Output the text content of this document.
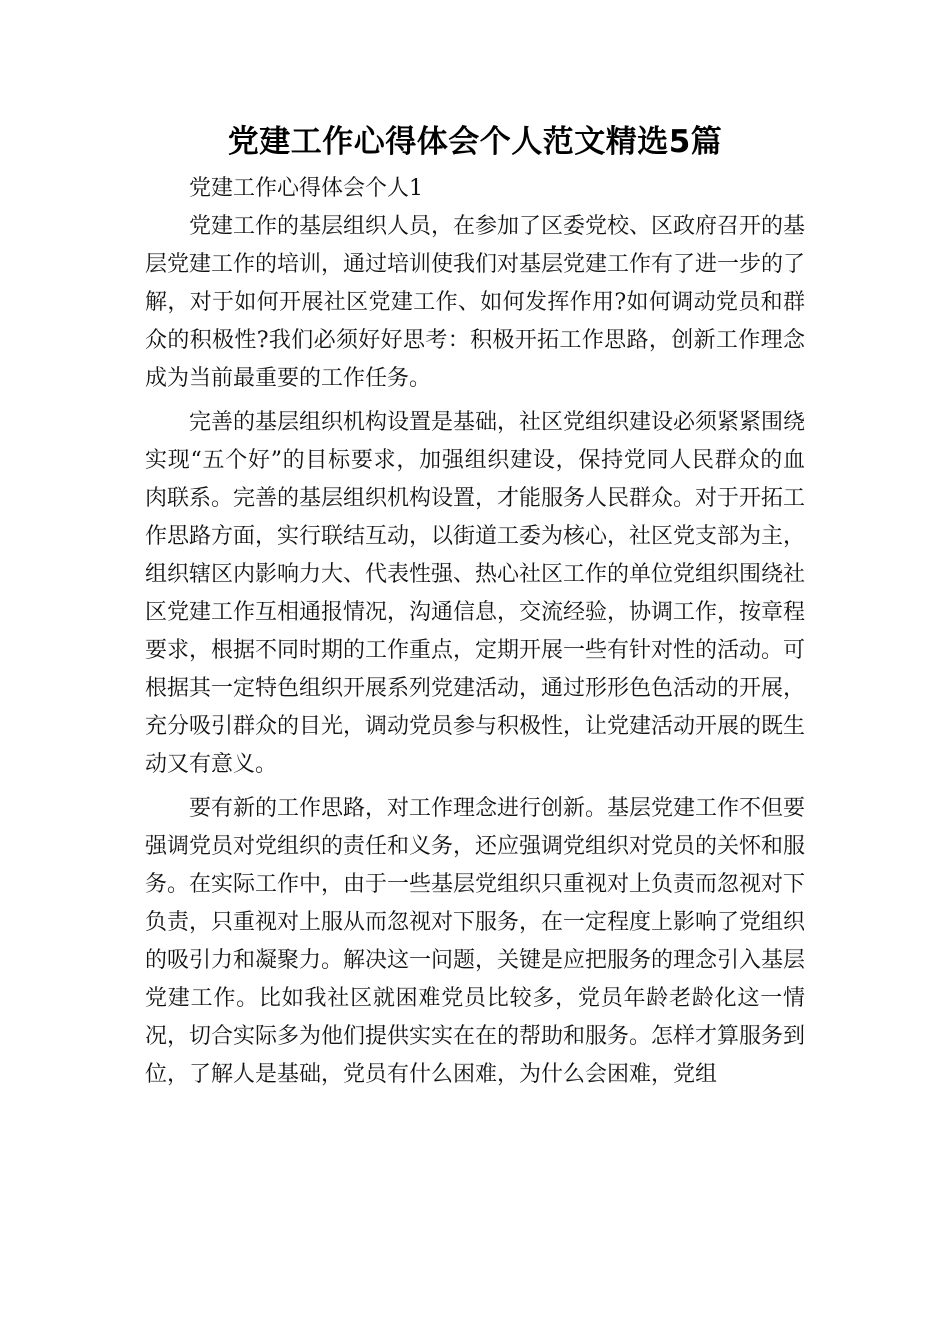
党建工作心得体会个人范文精选5篇

党建工作心得体会个人1

党建工作的基层组织人员，在参加了区委党校、区政府召开的基层党建工作的培训，通过培训使我们对基层党建工作有了进一步的了解，对于如何开展社区党建工作、如何发挥作用?如何调动党员和群众的积极性?我们必须好好思考：积极开拓工作思路，创新工作理念成为当前最重要的工作任务。

完善的基层组织机构设置是基础，社区党组织建设必须紧紧围绕实现“五个好”的目标要求，加强组织建设，保持党同人民群众的血肉联系。完善的基层组织机构设置，才能服务人民群众。对于开拓工作思路方面，实行联结互动，以街道工委为核心，社区党支部为主，组织辖区内影响力大、代表性强、热心社区工作的单位党组织围绕社区党建工作互相通报情况，沟通信息，交流经验，协调工作，按章程要求，根据不同时期的工作重点，定期开展一些有针对性的活动。可根据其一定特色组织开展系列党建活动，通过形形色色活动的开展，充分吸引群众的目光，调动党员参与积极性，让党建活动开展的既生动又有意义。

要有新的工作思路，对工作理念进行创新。基层党建工作不但要强调党员对党组织的责任和义务，还应强调党组织对党员的关怀和服务。在实际工作中，由于一些基层党组织只重视对上负责而忽视对下负责，只重视对上服从而忽视对下服务，在一定程度上影响了党组织的吸引力和凝聚力。解决这一问题，关键是应把服务的理念引入基层党建工作。比如我社区就困难党员比较多，党员年龄老龄化这一情况，切合实际多为他们提供实实在在的帮助和服务。怎样才算服务到位，了解人是基础，党员有什么困难，为什么会困难，党组
